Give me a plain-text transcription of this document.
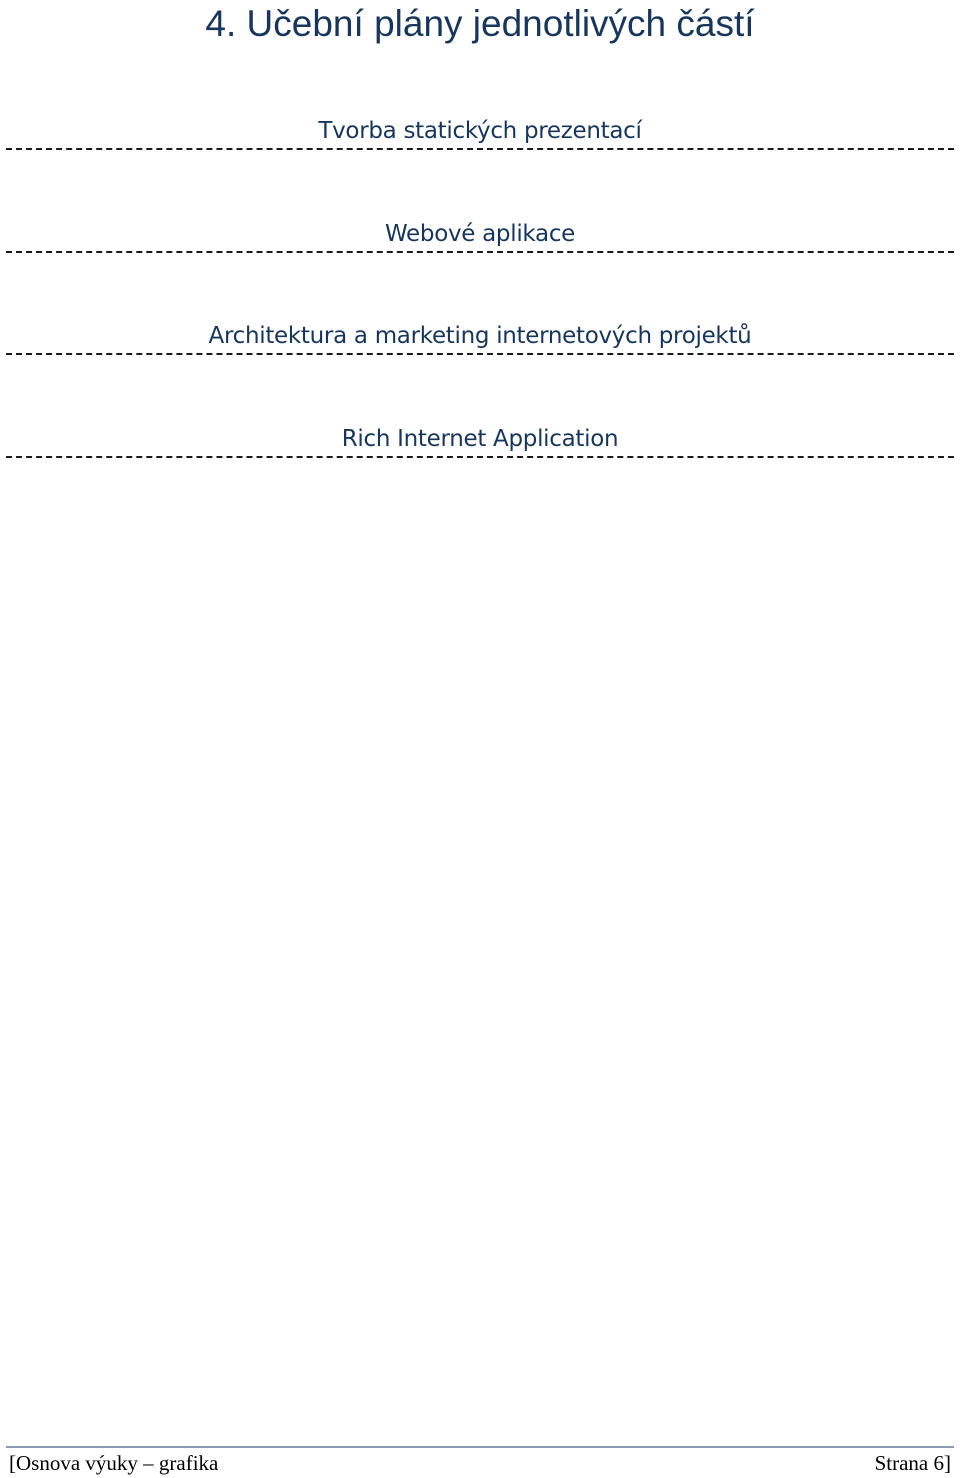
4. Učební plány jednotlivých částí
Tvorba statických prezentací
Webové aplikace
Architektura a marketing internetových projektů
Rich Internet Application
[Osnova výuky – grafika	Strana 6]
